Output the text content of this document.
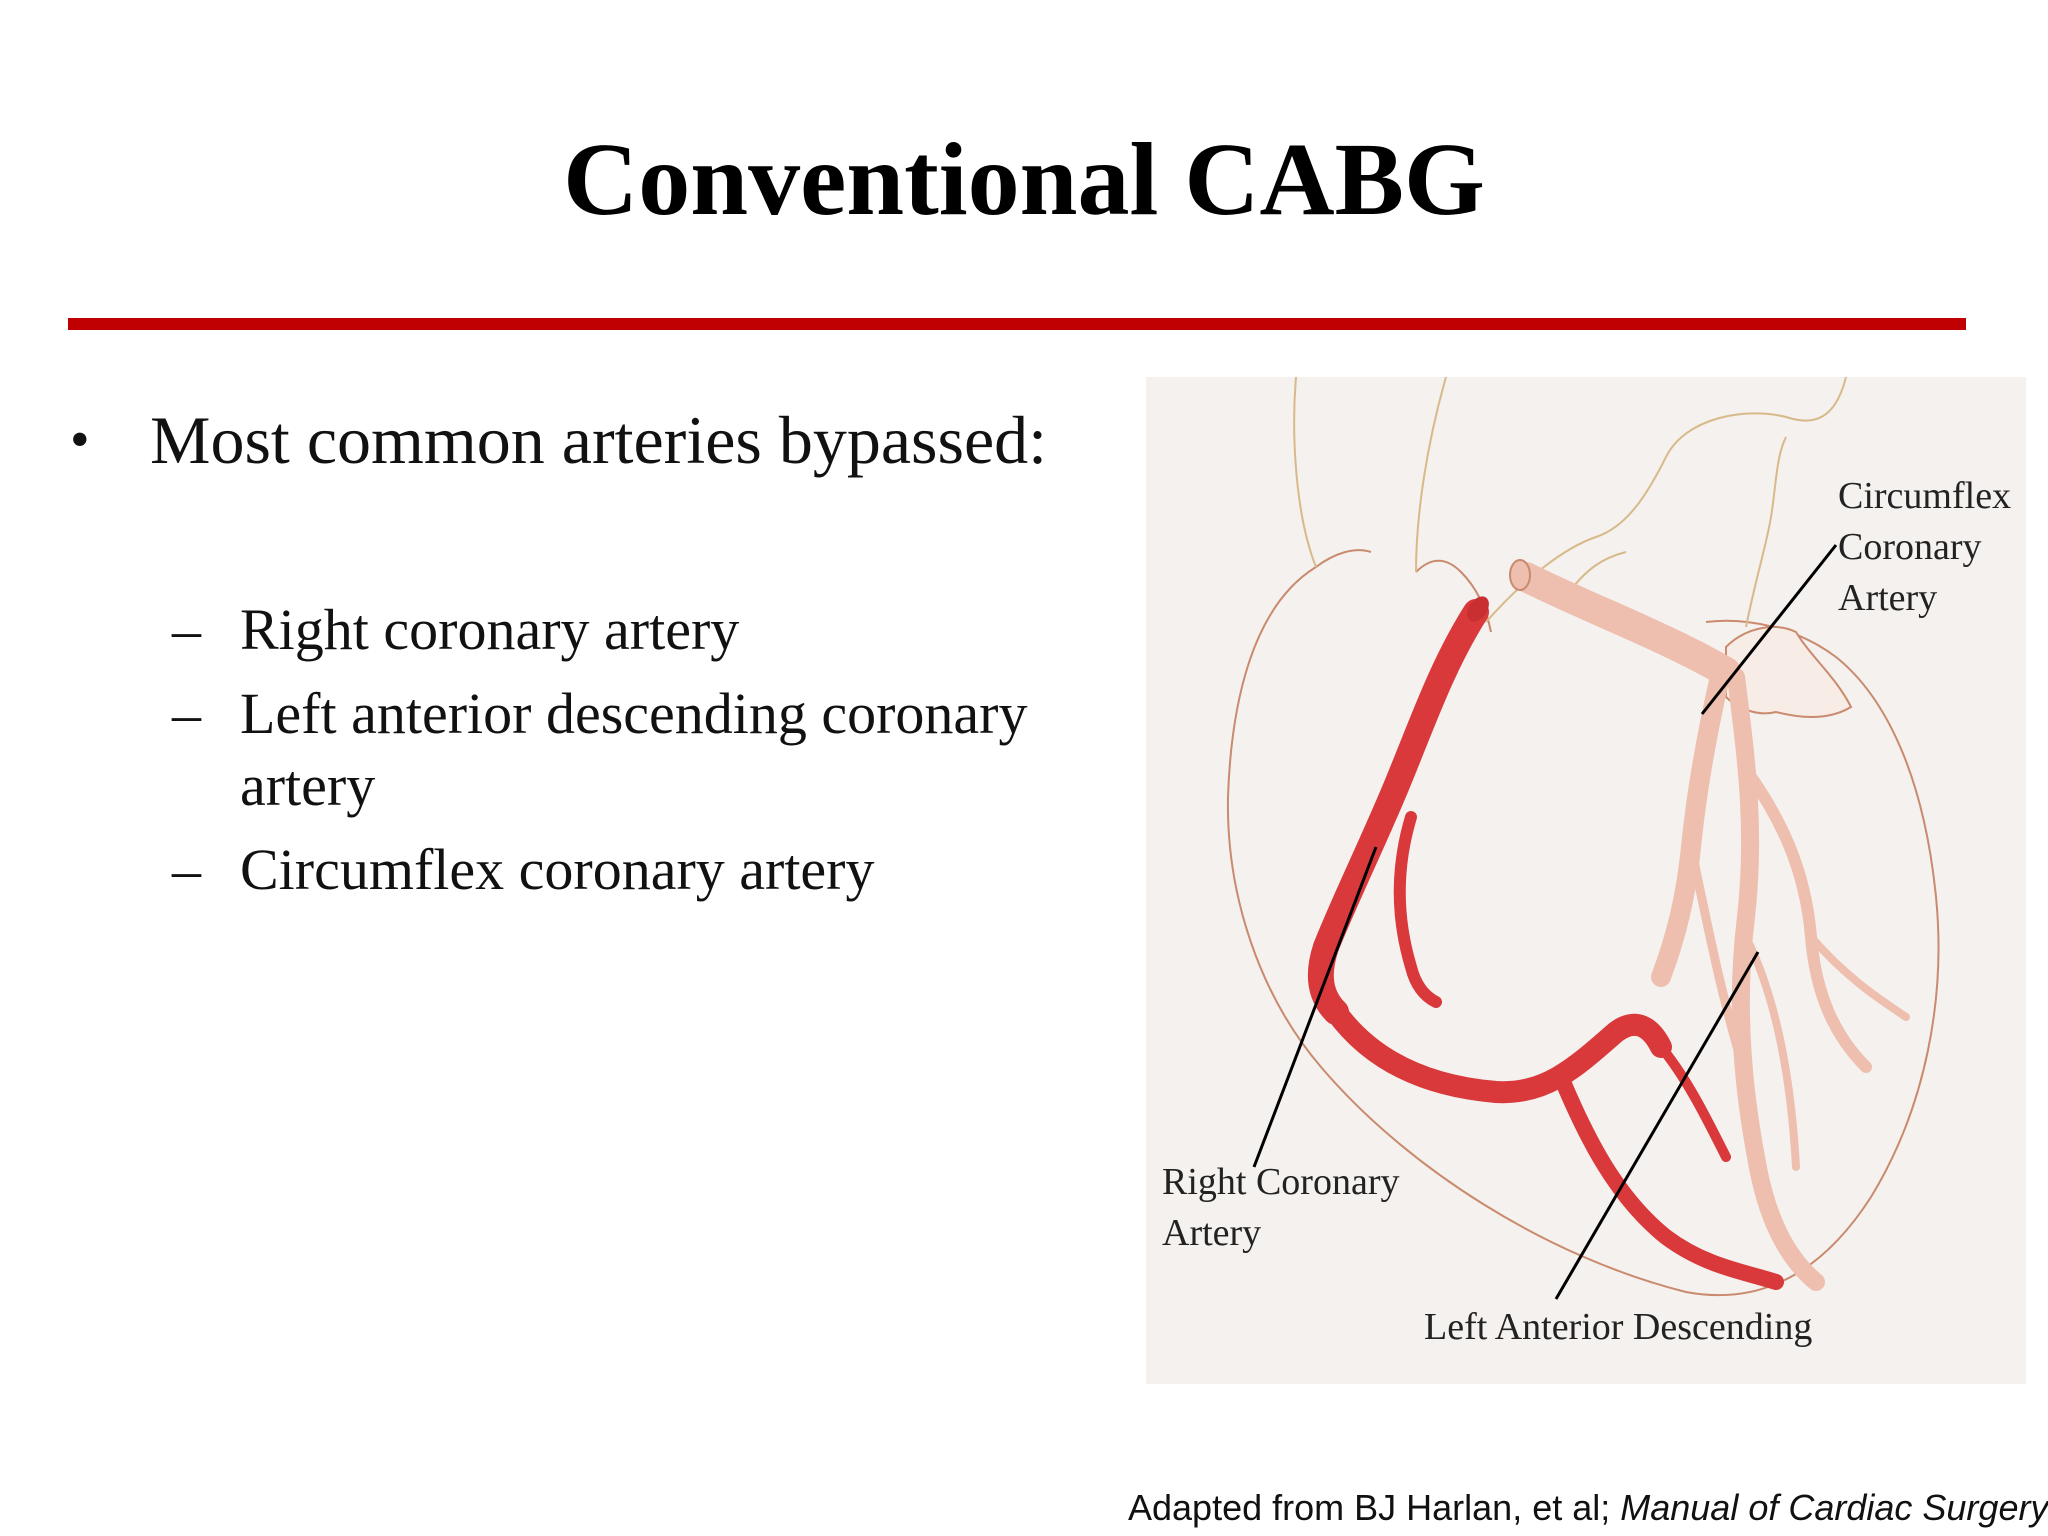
Conventional CABG
• Most common arteries bypassed:
– Right coronary artery
– Left anterior descending coronary artery
– Circumflex coronary artery
Circumflex Coronary Artery
Right Coronary Artery
Left Anterior Descending
Adapted from BJ Harlan, et al; Manual of Cardiac Surgery
